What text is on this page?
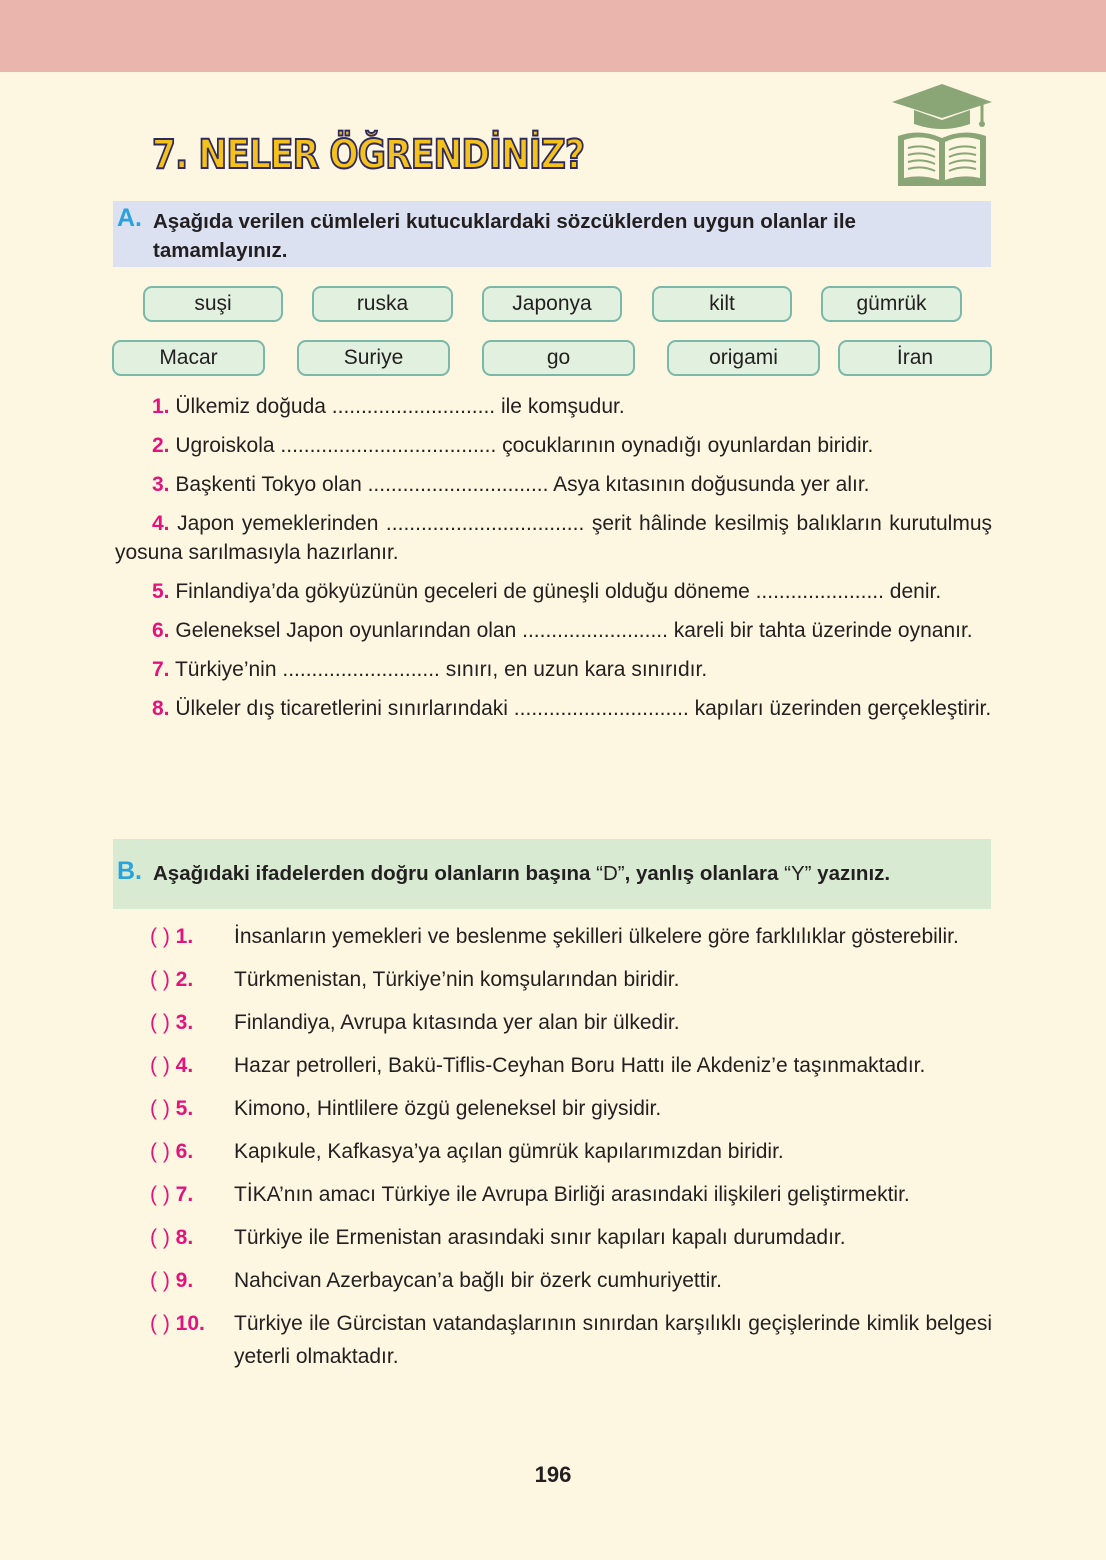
7. NELER ÖĞRENDİNİZ?
A. Aşağıda verilen cümleleri kutucuklardaki sözcüklerden uygun olanlar ile tamamlayınız.
suşi	ruska	Japonya	kilt	gümrük
Macar	Suriye	go	origami	İran

1. Ülkemiz doğuda ............................ ile komşudur.

2. Ugroiskola ..................................... çocuklarının oynadığı oyunlardan biridir.

3. Başkenti Tokyo olan ............................... Asya kıtasının doğusunda yer alır.

4. Japon yemeklerinden .................................. şerit hâlinde kesilmiş balıkların kurutulmuş yosuna sarılmasıyla hazırlanır.

5. Finlandiya’da gökyüzünün geceleri de güneşli olduğu döneme ...................... denir.

6. Geleneksel Japon oyunlarından olan ......................... kareli bir tahta üzerinde oynanır.

7. Türkiye’nin ........................... sınırı, en uzun kara sınırıdır.

8. Ülkeler dış ticaretlerini sınırlarındaki .............................. kapıları üzerinden gerçekleştirir.

B. Aşağıdaki ifadelerden doğru olanların başına “D”, yanlış olanlara “Y” yazınız.
( ) 1.	İnsanların yemekleri ve beslenme şekilleri ülkelere göre farklılıklar gösterebilir.
( ) 2.	Türkmenistan, Türkiye’nin komşularından biridir.
( ) 3.	Finlandiya, Avrupa kıtasında yer alan bir ülkedir.
( ) 4.	Hazar petrolleri, Bakü-Tiflis-Ceyhan Boru Hattı ile Akdeniz’e taşınmaktadır.
( ) 5.	Kimono, Hintlilere özgü geleneksel bir giysidir.
( ) 6.	Kapıkule, Kafkasya’ya açılan gümrük kapılarımızdan biridir.
( ) 7.	TİKA’nın amacı Türkiye ile Avrupa Birliği arasındaki ilişkileri geliştirmektir.
( ) 8.	Türkiye ile Ermenistan arasındaki sınır kapıları kapalı durumdadır.
( ) 9.	Nahcivan Azerbaycan’a bağlı bir özerk cumhuriyettir.
( ) 10.	Türkiye ile Gürcistan vatandaşlarının sınırdan karşılıklı geçişlerinde kimlik belgesi yeterli olmaktadır.
196
